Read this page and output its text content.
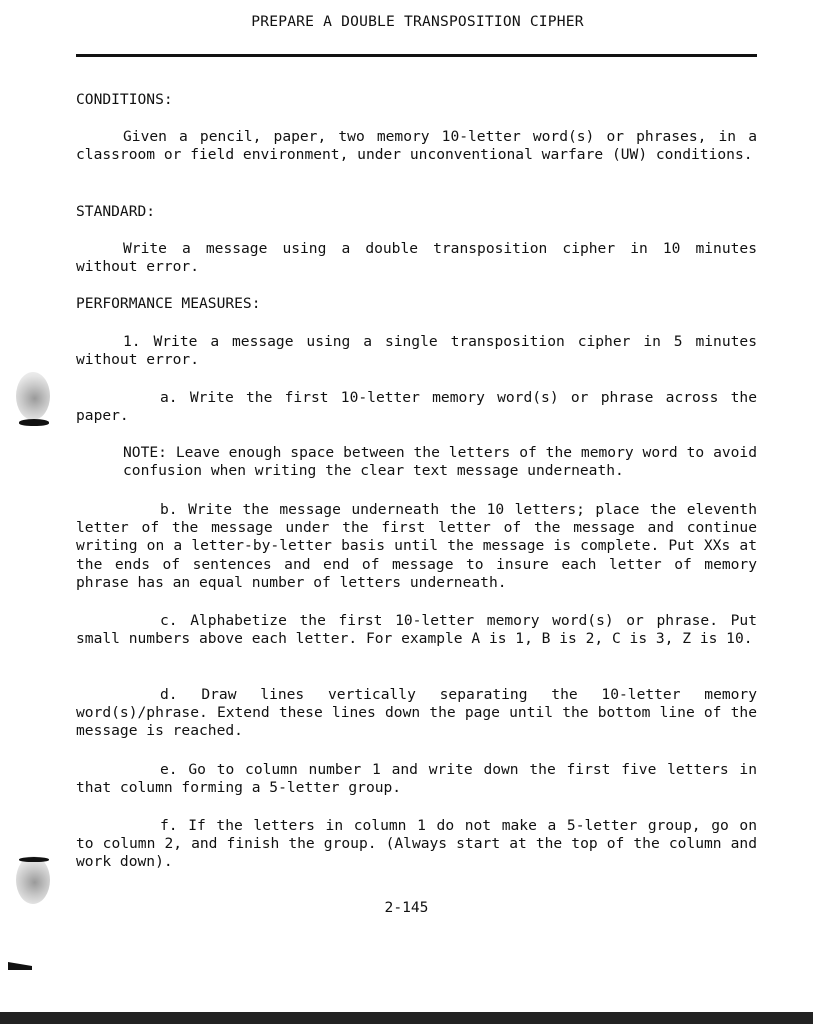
PREPARE A DOUBLE TRANSPOSITION CIPHER
CONDITIONS:

Given a pencil, paper, two memory 10-letter word(s) or phrases, in a classroom or field environment, under unconventional warfare (UW) conditions.

STANDARD:

Write a message using a double transposition cipher in 10 minutes without error.

PERFORMANCE MEASURES:

1. Write a message using a single transposition cipher in 5 minutes without error.

a. Write the first 10-letter memory word(s) or phrase across the paper.

NOTE: Leave enough space between the letters of the memory word to avoid confusion when writing the clear text message underneath.

b. Write the message underneath the 10 letters; place the eleventh letter of the message under the first letter of the message and continue writing on a letter-by-letter basis until the message is complete. Put XXs at the ends of sentences and end of message to insure each letter of memory phrase has an equal number of letters underneath.

c. Alphabetize the first 10-letter memory word(s) or phrase. Put small numbers above each letter. For example A is 1, B is 2, C is 3, Z is 10.

d. Draw lines vertically separating the 10-letter memory word(s)/phrase. Extend these lines down the page until the bottom line of the message is reached.

e. Go to column number 1 and write down the first five letters in that column forming a 5-letter group.

f. If the letters in column 1 do not make a 5-letter group, go on to column 2, and finish the group. (Always start at the top of the column and work down).

2-145
